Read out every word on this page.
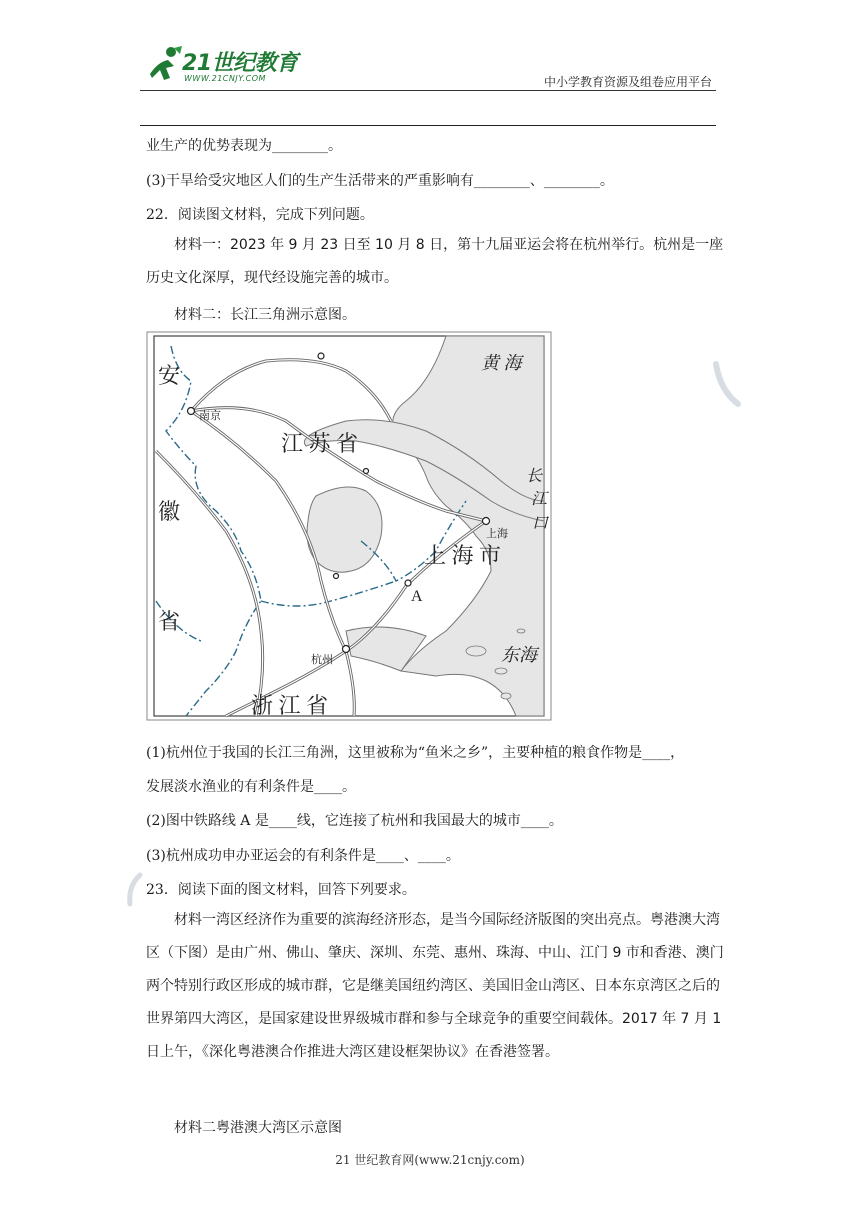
21世纪教育
WWW.21CNJY.COM	中小学教育资源及组卷应用平台
业生产的优势表现为________。
(3)干旱给受灾地区人们的生产生活带来的严重影响有________、________。
22．阅读图文材料，完成下列问题。
材料一：2023 年 9 月 23 日至 10 月 8 日，第十九届亚运会将在杭州举行。杭州是一座历史文化深厚，现代经设施完善的城市。
材料二：长江三角洲示意图。
黄 海
安
徽
省
江 苏 省
长
江
口
上海
上 海 市
南京
杭州
A
东海
浙 江 省
(1)杭州位于我国的长江三角洲，这里被称为“鱼米之乡”，主要种植的粮食作物是____，
发展淡水渔业的有利条件是____。
(2)图中铁路线 A 是____线，它连接了杭州和我国最大的城市____。
(3)杭州成功申办亚运会的有利条件是____、____。
23．阅读下面的图文材料，回答下列要求。
材料一湾区经济作为重要的滨海经济形态，是当今国际经济版图的突出亮点。粤港澳大湾区（下图）是由广州、佛山、肇庆、深圳、东莞、惠州、珠海、中山、江门 9 市和香港、澳门两个特别行政区形成的城市群，它是继美国纽约湾区、美国旧金山湾区、日本东京湾区之后的世界第四大湾区，是国家建设世界级城市群和参与全球竞争的重要空间载体。2017 年 7 月 1 日上午，《深化粤港澳合作推进大湾区建设框架协议》在香港签署。
材料二粤港澳大湾区示意图
21 世纪教育网(www.21cnjy.com)
